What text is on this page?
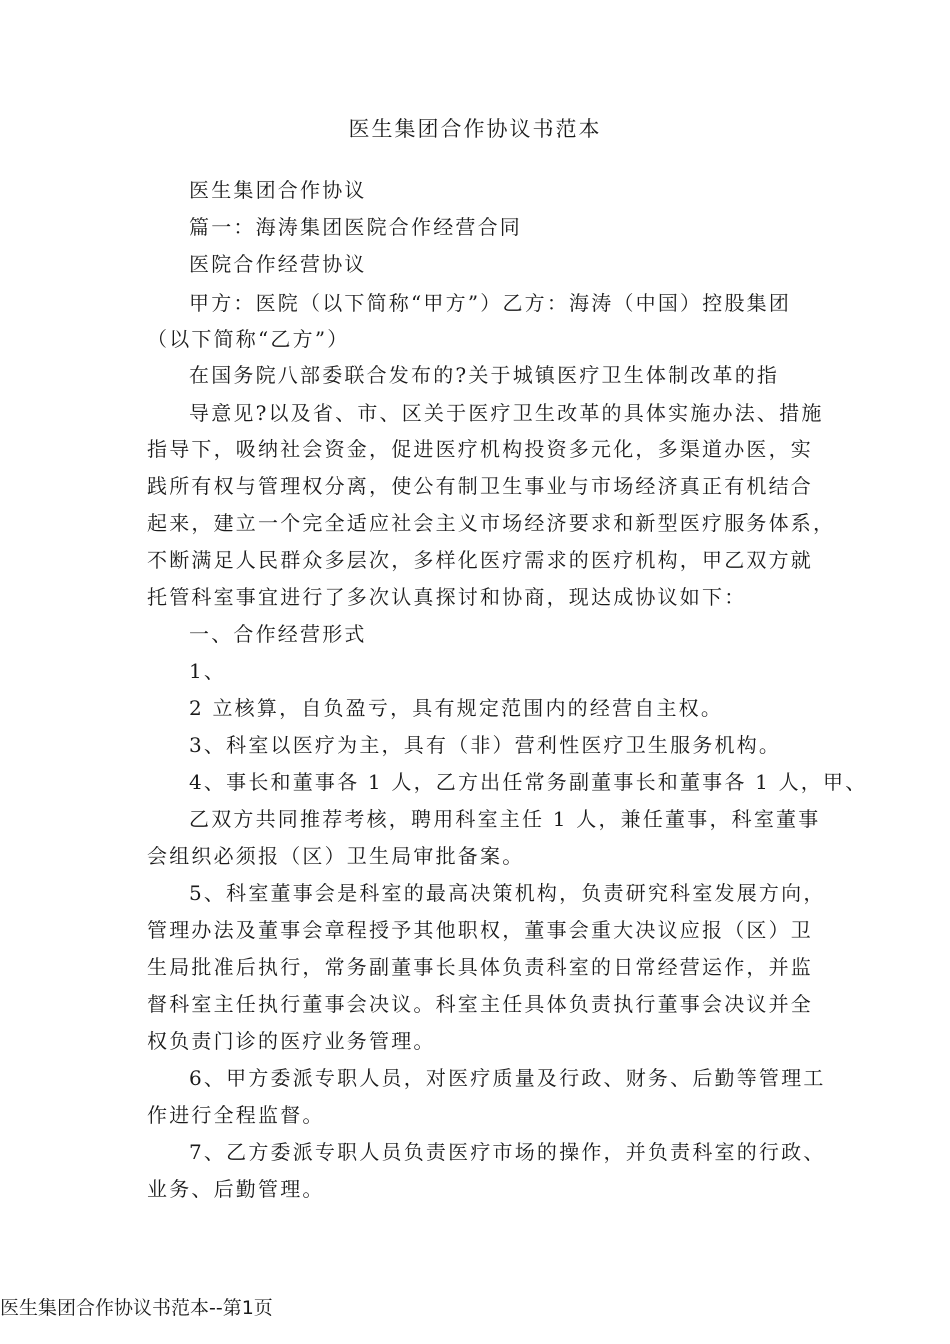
医生集团合作协议书范本
医生集团合作协议
篇一：海涛集团医院合作经营合同
医院合作经营协议
甲方：医院（以下简称“甲方”）乙方：海涛（中国）控股集团
（以下简称“乙方”）
在国务院八部委联合发布的?关于城镇医疗卫生体制改革的指
导意见?以及省、市、区关于医疗卫生改革的具体实施办法、措施
指导下，吸纳社会资金，促进医疗机构投资多元化，多渠道办医，实
践所有权与管理权分离，使公有制卫生事业与市场经济真正有机结合
起来，建立一个完全适应社会主义市场经济要求和新型医疗服务体系，
不断满足人民群众多层次，多样化医疗需求的医疗机构，甲乙双方就
托管科室事宜进行了多次认真探讨和协商，现达成协议如下：
一、合作经营形式
1、
2 立核算，自负盈亏，具有规定范围内的经营自主权。
3、科室以医疗为主，具有（非）营利性医疗卫生服务机构。
4、事长和董事各 1 人，乙方出任常务副董事长和董事各 1 人，甲、
乙双方共同推荐考核，聘用科室主任 1 人，兼任董事，科室董事
会组织必须报（区）卫生局审批备案。
5、科室董事会是科室的最高决策机构，负责研究科室发展方向，
管理办法及董事会章程授予其他职权，董事会重大决议应报（区）卫
生局批准后执行，常务副董事长具体负责科室的日常经营运作，并监
督科室主任执行董事会决议。科室主任具体负责执行董事会决议并全
权负责门诊的医疗业务管理。
6、甲方委派专职人员，对医疗质量及行政、财务、后勤等管理工
作进行全程监督。
7、乙方委派专职人员负责医疗市场的操作，并负责科室的行政、
业务、后勤管理。
医生集团合作协议书范本--第1页
